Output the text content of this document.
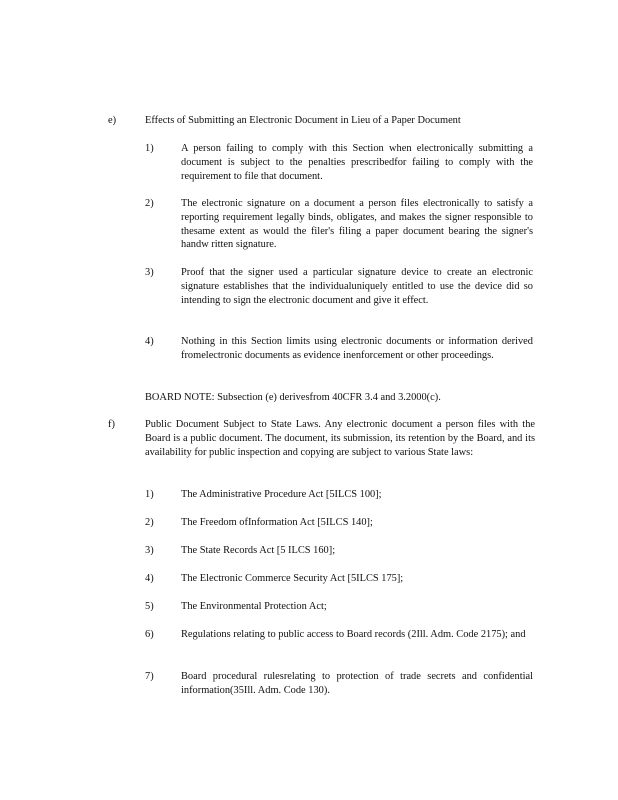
e)	Effects of Submitting an Electronic Document in Lieu of a Paper Document
1)	A person failing to comply with this Section when electronically submitting a document is subject to the penalties prescribedfor failing to comply with the requirement to file that document.
2)	The electronic signature on a document a person files electronically to satisfy a reporting requirement legally binds, obligates, and makes the signer responsible to thesame extent as would the filer's filing a paper document bearing the signer's handw ritten signature.
3)	Proof that the signer used a particular signature device to create an electronic signature establishes that the individualuniquely entitled to use the device did so intending to sign the electronic document and give it effect.
4)	Nothing in this Section limits using electronic documents or information derived fromelectronic documents as evidence inenforcement or other proceedings.
BOARD NOTE: Subsection (e) derivesfrom 40CFR 3.4 and 3.2000(c).
f)	Public Document Subject to State Laws. Any electronic document a person files with the Board is a public document. The document, its submission, its retention by the Board, and its availability for public inspection and copying are subject to various State laws:
1)	The Administrative Procedure Act [5ILCS 100];
2)	The Freedom ofInformation Act [5ILCS 140];
3)	The State Records Act [5 ILCS 160];
4)	The Electronic Commerce Security Act [5ILCS 175];
5)	The Environmental Protection Act;
6)	Regulations relating to public access to Board records (2Ill. Adm. Code 2175); and
7)	Board procedural rulesrelating to protection of trade secrets and confidential information(35Ill. Adm. Code 130).
